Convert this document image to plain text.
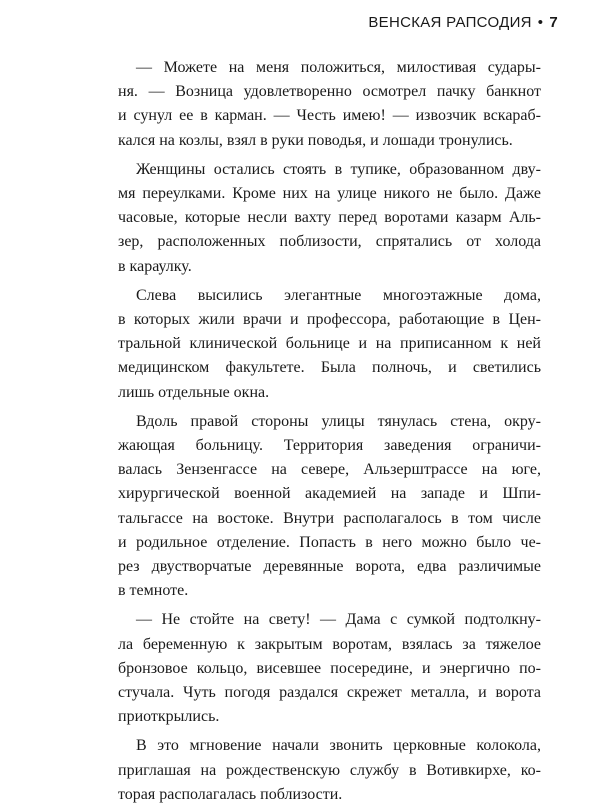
ВЕНСКАЯ РАПСОДИЯ • 7
— Можете на меня положиться, милостивая судары-
ня. — Возница удовлетворенно осмотрел пачку банкнот
и сунул ее в карман. — Честь имею! — извозчик вскараб-
кался на козлы, взял в руки поводья, и лошади тронулись.
Женщины остались стоять в тупике, образованном дву-
мя переулками. Кроме них на улице никого не было. Даже
часовые, которые несли вахту перед воротами казарм Аль-
зер, расположенных поблизости, спрятались от холода
в караулку.
Слева высились элегантные многоэтажные дома,
в которых жили врачи и профессора, работающие в Цен-
тральной клинической больнице и на приписанном к ней
медицинском факультете. Была полночь, и светились
лишь отдельные окна.
Вдоль правой стороны улицы тянулась стена, окру-
жающая больницу. Территория заведения ограничи-
валась Зензенгассе на севере, Альзерштрассе на юге,
хирургической военной академией на западе и Шпи-
тальгассе на востоке. Внутри располагалось в том числе
и родильное отделение. Попасть в него можно было че-
рез двустворчатые деревянные ворота, едва различимые
в темноте.
— Не стойте на свету! — Дама с сумкой подтолкну-
ла беременную к закрытым воротам, взялась за тяжелое
бронзовое кольцо, висевшее посередине, и энергично по-
стучала. Чуть погодя раздался скрежет металла, и ворота
приоткрылись.
В это мгновение начали звонить церковные колокола,
приглашая на рождественскую службу в Вотивкирхе, ко-
торая располагалась поблизости.
